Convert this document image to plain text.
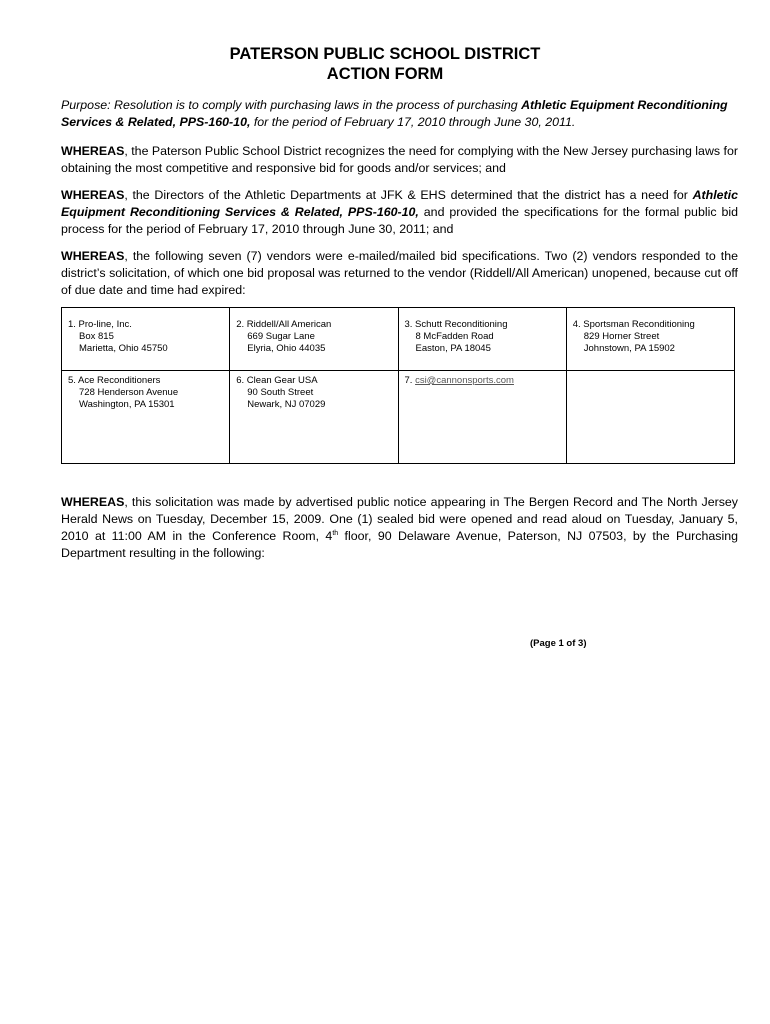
PATERSON PUBLIC SCHOOL DISTRICT
ACTION FORM

Purpose: Resolution is to comply with purchasing laws in the process of purchasing Athletic Equipment Reconditioning Services & Related, PPS-160-10, for the period of February 17, 2010 through June 30, 2011.

WHEREAS, the Paterson Public School District recognizes the need for complying with the New Jersey purchasing laws for obtaining the most competitive and responsive bid for goods and/or services; and

WHEREAS, the Directors of the Athletic Departments at JFK & EHS determined that the district has a need for Athletic Equipment Reconditioning Services & Related, PPS-160-10, and provided the specifications for the formal public bid process for the period of February 17, 2010 through June 30, 2011; and

WHEREAS, the following seven (7) vendors were e-mailed/mailed bid specifications. Two (2) vendors responded to the district’s solicitation, of which one bid proposal was returned to the vendor (Riddell/All American) unopened, because cut off of due date and time had expired:

1. Pro-line, Inc.
Box 815
Marietta, Ohio 45750	2. Riddell/All American
669 Sugar Lane
Elyria, Ohio 44035	3. Schutt Reconditioning
8 McFadden Road
Easton, PA 18045	4. Sportsman Reconditioning
829 Horner Street
Johnstown, PA 15902

5. Ace Reconditioners
728 Henderson Avenue
Washington, PA 15301	6. Clean Gear USA
90 South Street
Newark, NJ 07029	7. csi@cannonsports.com	

WHEREAS, this solicitation was made by advertised public notice appearing in The Bergen Record and The North Jersey Herald News on Tuesday, December 15, 2009. One (1) sealed bid were opened and read aloud on Tuesday, January 5, 2010 at 11:00 AM in the Conference Room, 4th floor, 90 Delaware Avenue, Paterson, NJ 07503, by the Purchasing Department resulting in the following:

(Page 1 of 3)
